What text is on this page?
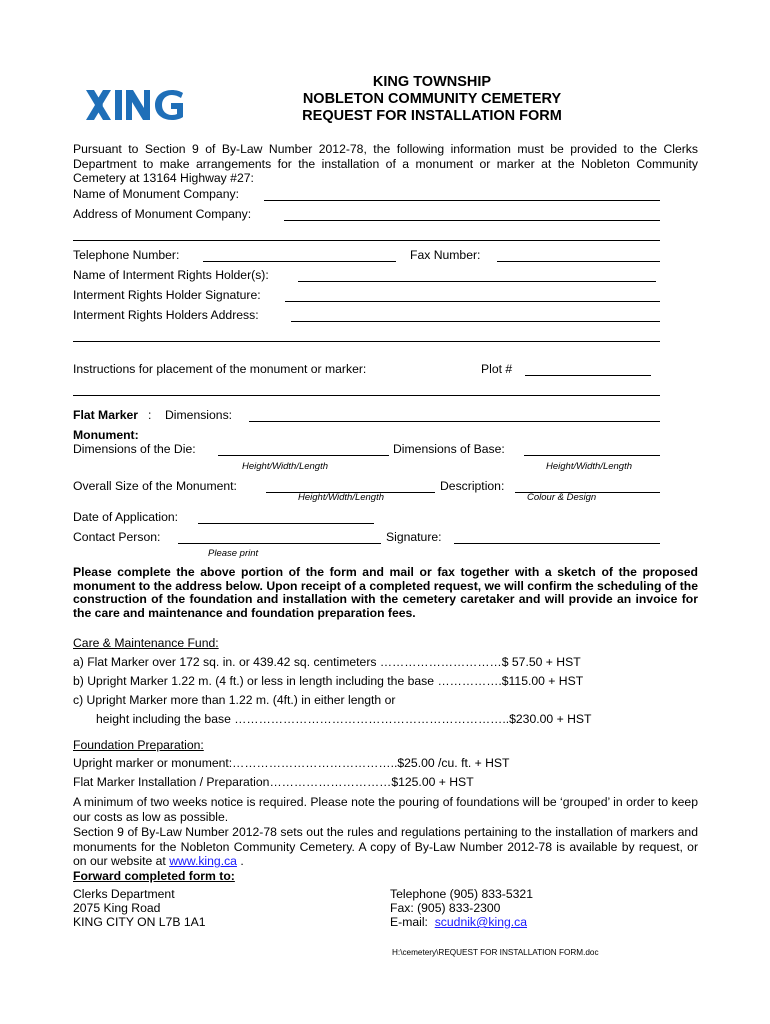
KING TOWNSHIP
NOBLETON COMMUNITY CEMETERY
REQUEST FOR INSTALLATION FORM
Pursuant to Section 9 of By-Law Number 2012-78, the following information must be provided to the Clerks Department to make arrangements for the installation of a monument or marker at the Nobleton Community Cemetery at 13164 Highway #27:
Name of Monument Company:
Address of Monument Company:
Telephone Number:	Fax Number:
Name of Interment Rights Holder(s):
Interment Rights Holder Signature:
Interment Rights Holders Address:
Instructions for placement of the monument or marker:	Plot #
Flat Marker : Dimensions:
Monument:
Dimensions of the Die:	Dimensions of Base:
Height/Width/Length	Height/Width/Length
Overall Size of the Monument:	Description:
Height/Width/Length	Colour & Design
Date of Application:
Contact Person:	Signature:
Please print
Please complete the above portion of the form and mail or fax together with a sketch of the proposed monument to the address below. Upon receipt of a completed request, we will confirm the scheduling of the construction of the foundation and installation with the cemetery caretaker and will provide an invoice for the care and maintenance and foundation preparation fees.
Care & Maintenance Fund:
a) Flat Marker over 172 sq. in. or 439.42 sq. centimeters …………………………$ 57.50 + HST
b) Upright Marker 1.22 m. (4 ft.) or less in length including the base …………….$115.00 + HST
c) Upright Marker more than 1.22 m. (4ft.) in either length or
height including the base …………………………………………………………..$230.00 + HST
Foundation Preparation:
Upright marker or monument:…………………………………..$25.00 /cu. ft. + HST
Flat Marker Installation / Preparation…………………………$125.00 + HST
A minimum of two weeks notice is required. Please note the pouring of foundations will be ‘grouped’ in order to keep our costs as low as possible.
Section 9 of By-Law Number 2012-78 sets out the rules and regulations pertaining to the installation of markers and monuments for the Nobleton Community Cemetery. A copy of By-Law Number 2012-78 is available by request, or on our website at www.king.ca .
Forward completed form to:
Clerks Department
2075 King Road
KING CITY ON L7B 1A1
Telephone (905) 833-5321
Fax: (905) 833-2300
E-mail:  scudnik@king.ca
H:\cemetery\REQUEST FOR INSTALLATION FORM.doc
